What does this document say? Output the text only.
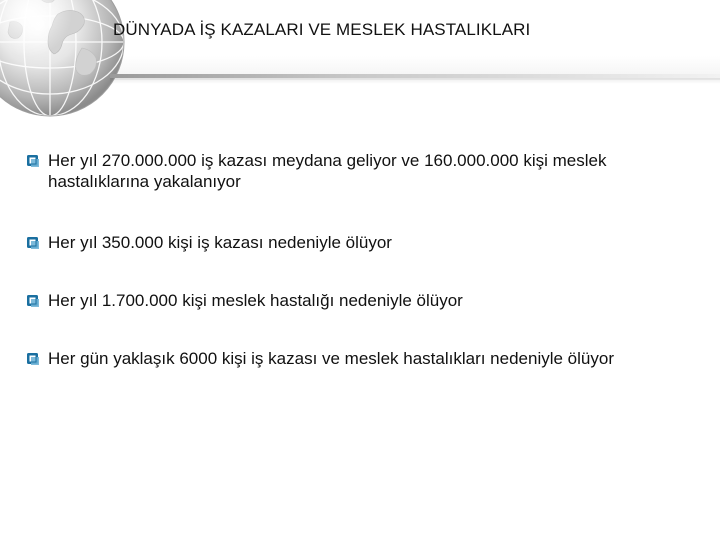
DÜNYADA İŞ KAZALARI VE MESLEK HASTALIKLARI
Her yıl 270.000.000 iş kazası meydana geliyor ve 160.000.000 kişi meslek hastalıklarına yakalanıyor
Her yıl 350.000 kişi iş kazası nedeniyle ölüyor
Her yıl 1.700.000 kişi meslek hastalığı nedeniyle ölüyor
Her gün yaklaşık 6000 kişi iş kazası ve meslek hastalıkları nedeniyle ölüyor
